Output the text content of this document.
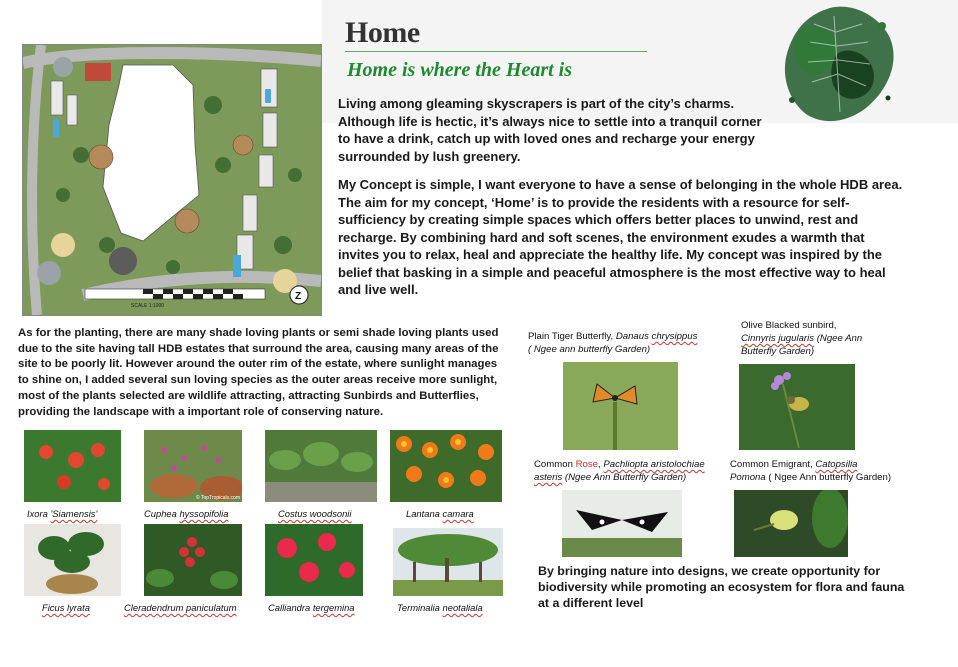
Home
Home is where the Heart is
Z
SCALE 1:1000
Living among gleaming skyscrapers is part of the city’s charms. Although life is hectic, it’s always nice to settle into a tranquil corner to have a drink, catch up with loved ones and recharge your energy surrounded by lush greenery.
My Concept is simple, I want everyone to have a sense of belonging in the whole HDB area. The aim for my concept, ‘Home’ is to provide the residents with a resource for self-sufficiency by creating simple spaces which offers better places to unwind, rest and recharge. By combining hard and soft scenes, the environment exudes a warmth that invites you to relax, heal and appreciate the healthy life. My concept was inspired by the belief that basking in a simple and peaceful atmosphere is the most effective way to heal and live well.
As for the planting, there are many shade loving plants or semi shade loving plants used due to the site having tall HDB estates that surround the area, causing many areas of the site to be poorly lit. However around the outer rim of the estate, where sunlight manages to shine on, I added several sun loving species as the outer areas receive more sunlight, most of the plants selected are wildlife attracting, attracting Sunbirds and Butterflies, providing the landscape with a important role of conserving nature.
© TopTropicals.com
Ixora 'Siamensis'	Cuphea hyssopifolia	Costus woodsonii	Lantana camara
Ficus lyrata	Cleradendrum paniculatum	Calliandra tergemina	Terminalia neotaliala
Plain Tiger Butterfly, Danaus chrysippus
( Ngee ann butterfly Garden)
Olive Blacked sunbird,
Cinnyris jugularis (Ngee Ann Butterfly Garden)
Common Rose, Pachliopta aristolochiae asteris (Ngee Ann Butterfly Garden)
Common Emigrant, Catopsilia
Pomona ( Ngee Ann butterfly Garden)
By bringing nature into designs, we create opportunity for biodiversity while promoting an ecosystem for flora and fauna at a different level
